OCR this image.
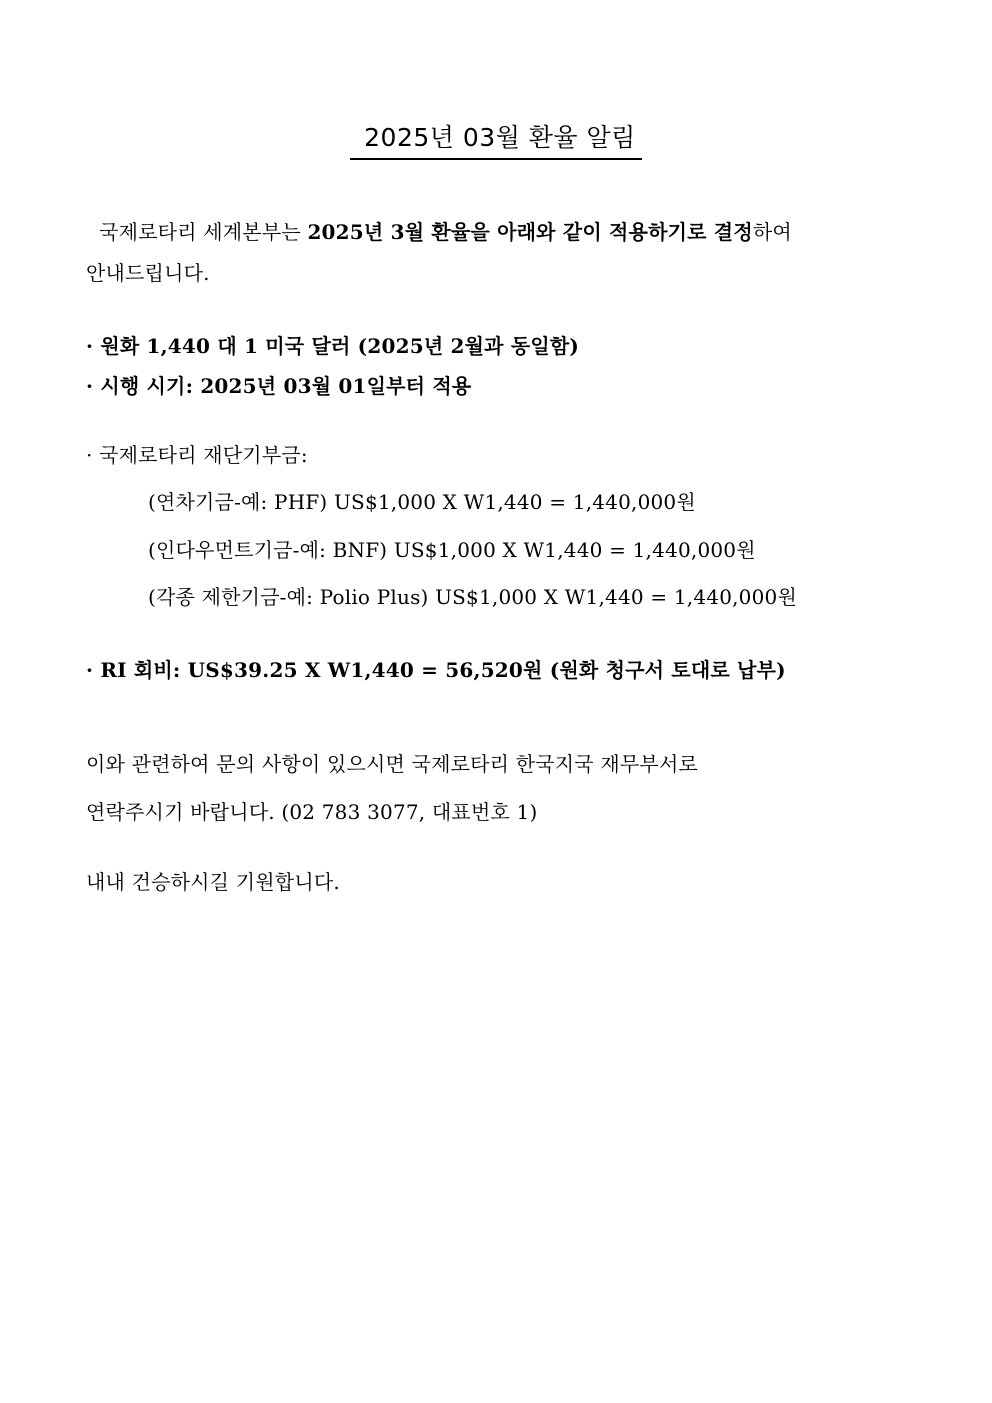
2025년 03월 환율 알림
국제로타리 세계본부는 2025년 3월 환율을 아래와 같이 적용하기로 결정하여
안내드립니다.
· 원화 1,440 대 1 미국 달러 (2025년 2월과 동일함)
· 시행 시기: 2025년 03월 01일부터 적용
· 국제로타리 재단기부금:
(연차기금-예: PHF) US$1,000 X W1,440 = 1,440,000원
(인다우먼트기금-예: BNF) US$1,000 X W1,440 = 1,440,000원
(각종 제한기금-예: Polio Plus) US$1,000 X W1,440 = 1,440,000원
· RI 회비: US$39.25 X W1,440 = 56,520원 (원화 청구서 토대로 납부)
이와 관련하여 문의 사항이 있으시면 국제로타리 한국지국 재무부서로
연락주시기 바랍니다. (02 783 3077, 대표번호 1)
내내 건승하시길 기원합니다.
